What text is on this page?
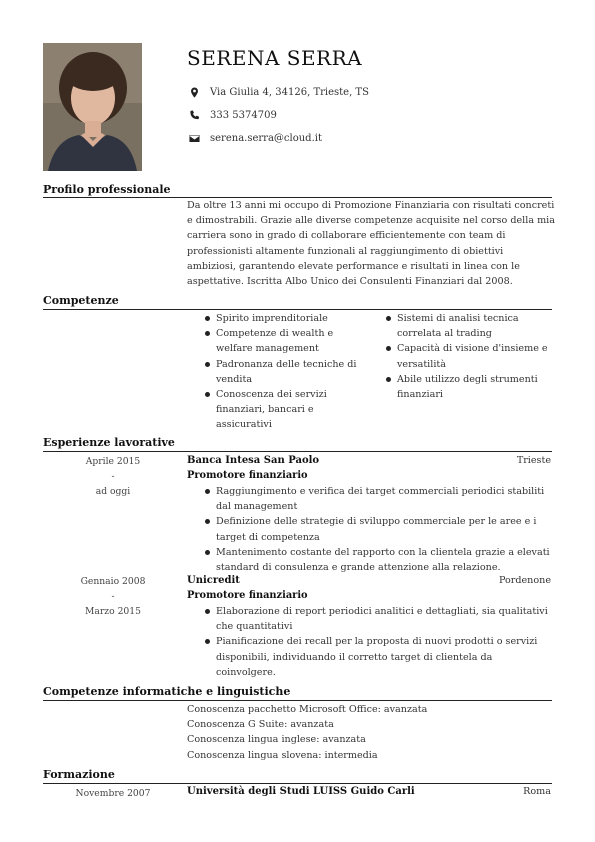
SERENA SERRA
Via Giulia 4, 34126, Trieste, TS
333 5374709
serena.serra@cloud.it
Profilo professionale
Da oltre 13 anni mi occupo di Promozione Finanziaria con risultati concreti e dimostrabili. Grazie alle diverse competenze acquisite nel corso della mia carriera sono in grado di collaborare efficientemente con team di professionisti altamente funzionali al raggiungimento di obiettivi ambiziosi, garantendo elevate performance e risultati in linea con le aspettative. Iscritta Albo Unico dei Consulenti Finanziari dal 2008.
Competenze
Spirito imprenditoriale
Competenze di wealth e welfare management
Padronanza delle tecniche di vendita
Conoscenza dei servizi finanziari, bancari e assicurativi
Sistemi di analisi tecnica correlata al trading
Capacità di visione d'insieme e versatilità
Abile utilizzo degli strumenti finanziari
Esperienze lavorative
Aprile 2015
-
ad oggi
Banca Intesa San Paolo	Trieste
Promotore finanziario
Raggiungimento e verifica dei target commerciali periodici stabiliti dal management
Definizione delle strategie di sviluppo commerciale per le aree e i target di competenza
Mantenimento costante del rapporto con la clientela grazie a elevati standard di consulenza e grande attenzione alla relazione.
Gennaio 2008
-
Marzo 2015
Unicredit	Pordenone
Promotore finanziario
Elaborazione di report periodici analitici e dettagliati, sia qualitativi che quantitativi
Pianificazione dei recall per la proposta di nuovi prodotti o servizi disponibili, individuando il corretto target di clientela da coinvolgere.
Competenze informatiche e linguistiche
Conoscenza pacchetto Microsoft Office: avanzata
Conoscenza G Suite: avanzata
Conoscenza lingua inglese: avanzata
Conoscenza lingua slovena: intermedia
Formazione
Novembre 2007	Università degli Studi LUISS Guido Carli	Roma
